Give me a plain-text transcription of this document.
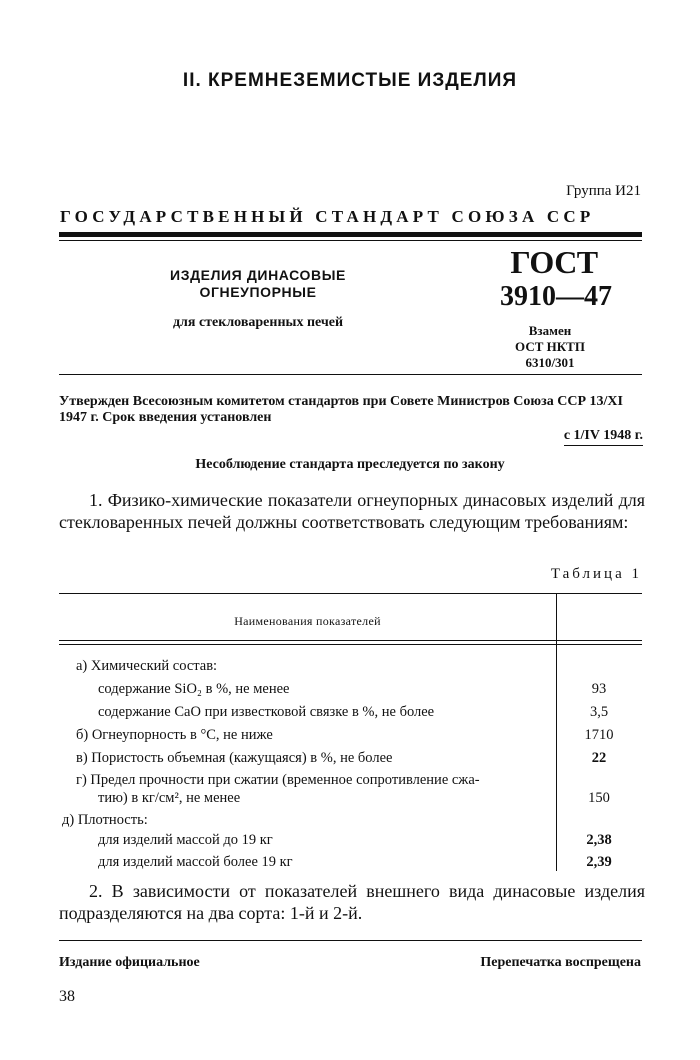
II. КРЕМНЕЗЕМИСТЫЕ ИЗДЕЛИЯ
Группа И21
ГОСУДАРСТВЕННЫЙ СТАНДАРТ СОЮЗА ССР
ИЗДЕЛИЯ ДИНАСОВЫЕ
ОГНЕУПОРНЫЕ
для стекловаренных печей
ГОСТ
3910—47
Взамен
ОСТ НКТП
6310/301
Утвержден Всесоюзным комитетом стандартов при Совете Министров Союза ССР 13/XI 1947 г. Срок введения установлен
с 1/IV 1948 г.
Несоблюдение стандарта преследуется по закону
1. Физико-химические показатели огнеупорных динасовых изделий для стекловаренных печей должны соответствовать следующим требованиям:
Таблица 1
Наименования показателей
а) Химический состав:
содержание SiO₂ в %, не менее	93
содержание CaO при известковой связке в %, не более	3,5
б) Огнеупорность в °С, не ниже	1710
в) Пористость объемная (кажущаяся) в %, не более	22
г) Предел прочности при сжатии (временное сопротивление сжа-
тию) в кг/см², не менее	150
д) Плотность:
для изделий массой до 19 кг	2,38
для изделий массой более 19 кг	2,39
2. В зависимости от показателей внешнего вида динасовые изделия подразделяются на два сорта: 1-й и 2-й.
Издание официальное	Перепечатка воспрещена
38
